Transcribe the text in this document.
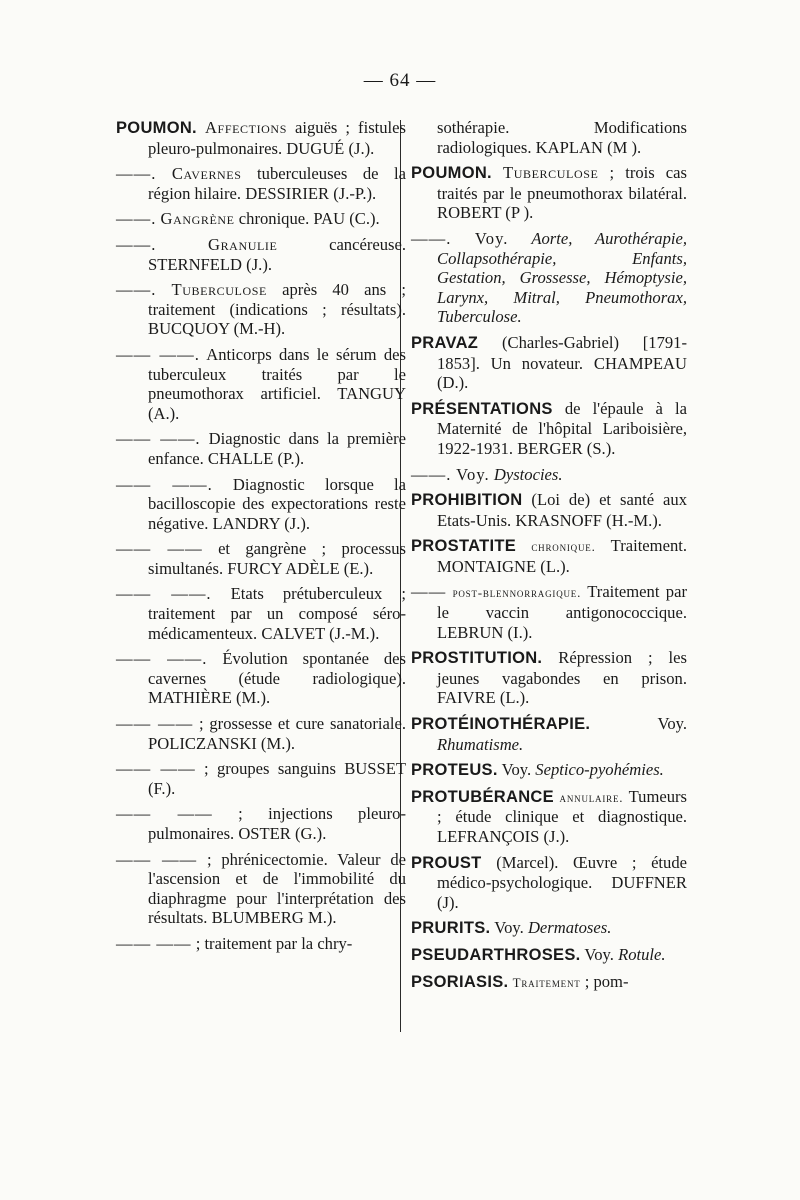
— 64 —

POUMON. Affections aiguës ; fistules pleuro-pulmonaires. DUGUÉ (J.).

——. Cavernes tuberculeuses de la région hilaire. DESSIRIER (J.-P.).

——. Gangrène chronique. PAU (C.).

——.	Granulie	cancéreuse. STERNFELD (J.).

——. Tuberculose après 40 ans ; traitement (indications ; résultats). BUCQUOY (M.-H).

—— ——. Anticorps dans le sérum des tuberculeux traités par le pneumothorax artificiel. TANGUY (A.).

—— ——. Diagnostic dans la première enfance. CHALLE (P.).

—— ——. Diagnostic lorsque la bacilloscopie des expectorations reste négative. LANDRY (J.).

—— —— et gangrène ; processus simultanés. FURCY ADÈLE (E.).

—— ——. Etats prétuberculeux ; traitement par un composé séro-médicamenteux. CALVET (J.-M.).

—— ——. Évolution spontanée des cavernes (étude radiologique). MATHIÈRE (M.).

—— —— ; grossesse et cure sanatoriale. POLICZANSKI (M.).

—— —— ; groupes sanguins BUSSET (F.).

—— —— ; injections pleuro-pulmonaires. OSTER (G.).

—— —— ; phrénicectomie. Valeur de l'ascension et de l'immobilité du diaphragme pour l'interprétation des résultats. BLUMBERG M.).

—— —— ; traitement par la chry-

sothérapie. Modifications radiologiques. KAPLAN (M ).

POUMON. Tuberculose ; trois cas traités par le pneumothorax bilatéral. ROBERT (P ).

——. Voy. Aorte, Aurothérapie, Collapsothérapie, Enfants, Gestation, Grossesse, Hémoptysie, Larynx, Mitral, Pneumothorax, Tuberculose.

PRAVAZ (Charles-Gabriel) [1791-1853]. Un novateur. CHAMPEAU (D.).

PRÉSENTATIONS de l'épaule à la Maternité de l'hôpital Lariboisière, 1922-1931. BERGER (S.).

——. Voy. Dystocies.

PROHIBITION (Loi de) et santé aux Etats-Unis. KRASNOFF (H.-M.).

PROSTATITE chronique. Traitement. MONTAIGNE (L.).

—— post-blennorragique. Traitement par le vaccin antigonococcique. LEBRUN (I.).

PROSTITUTION. Répression ; les jeunes vagabondes en prison. FAIVRE (L.).

PROTÉINOTHÉRAPIE.	Voy. Rhumatisme.

PROTEUS. Voy. Septico-pyohémies.

PROTUBÉRANCE annulaire. Tumeurs ; étude clinique et diagnostique. LEFRANÇOIS (J.).

PROUST (Marcel). Œuvre ; étude médico-psychologique. DUFFNER (J).

PRURITS. Voy. Dermatoses.

PSEUDARTHROSES. Voy. Rotule.

PSORIASIS. Traitement ; pom-
